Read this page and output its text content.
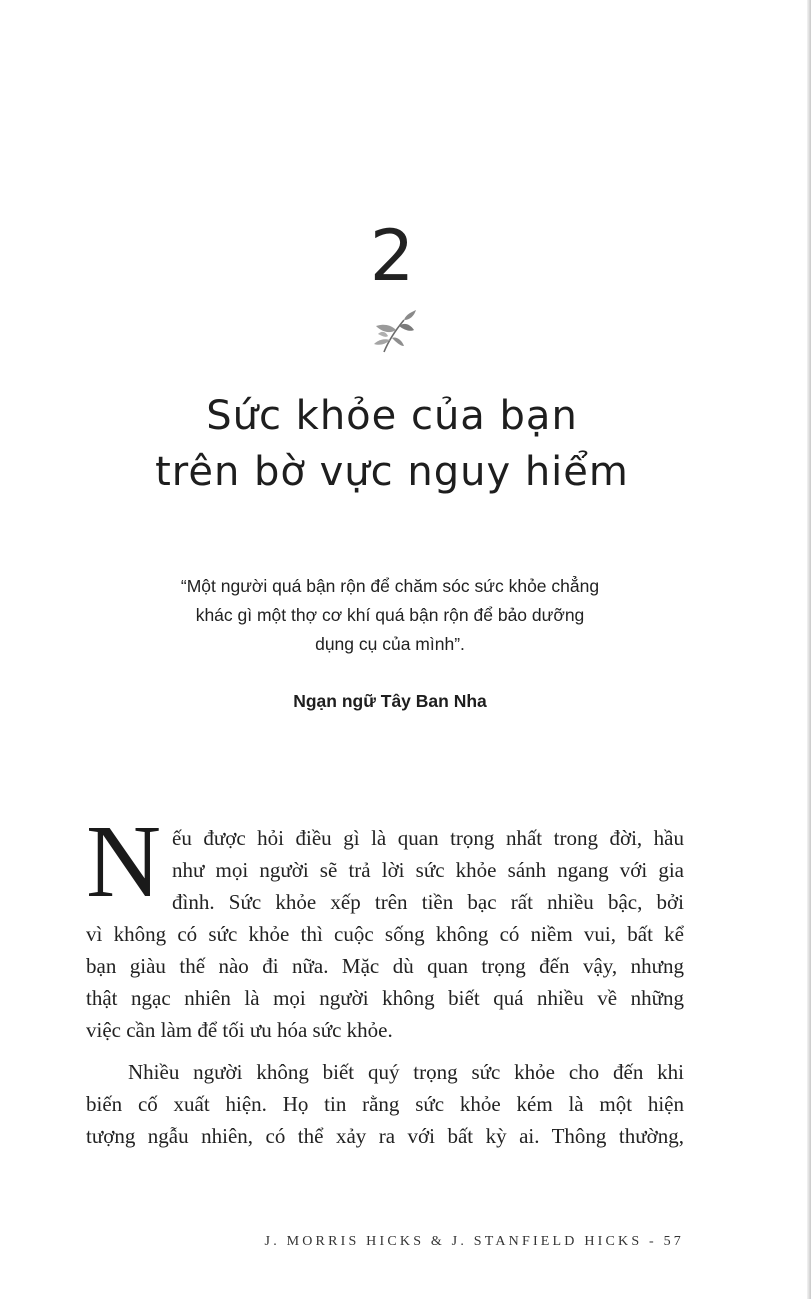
2
Sức khỏe của bạn
trên bờ vực nguy hiểm
“Một người quá bận rộn để chăm sóc sức khỏe chẳng
khác gì một thợ cơ khí quá bận rộn để bảo dưỡng
dụng cụ của mình”.
Ngạn ngữ Tây Ban Nha
N ếu được hỏi điều gì là quan trọng nhất trong đời, hầu
như mọi người sẽ trả lời sức khỏe sánh ngang với gia
đình. Sức khỏe xếp trên tiền bạc rất nhiều bậc, bởi
vì không có sức khỏe thì cuộc sống không có niềm vui, bất kể
bạn giàu thế nào đi nữa. Mặc dù quan trọng đến vậy, nhưng
thật ngạc nhiên là mọi người không biết quá nhiều về những
việc cần làm để tối ưu hóa sức khỏe.
Nhiều người không biết quý trọng sức khỏe cho đến khi
biến cố xuất hiện. Họ tin rằng sức khỏe kém là một hiện
tượng ngẫu nhiên, có thể xảy ra với bất kỳ ai. Thông thường,
J. MORRIS HICKS & J. STANFIELD HICKS - 57
